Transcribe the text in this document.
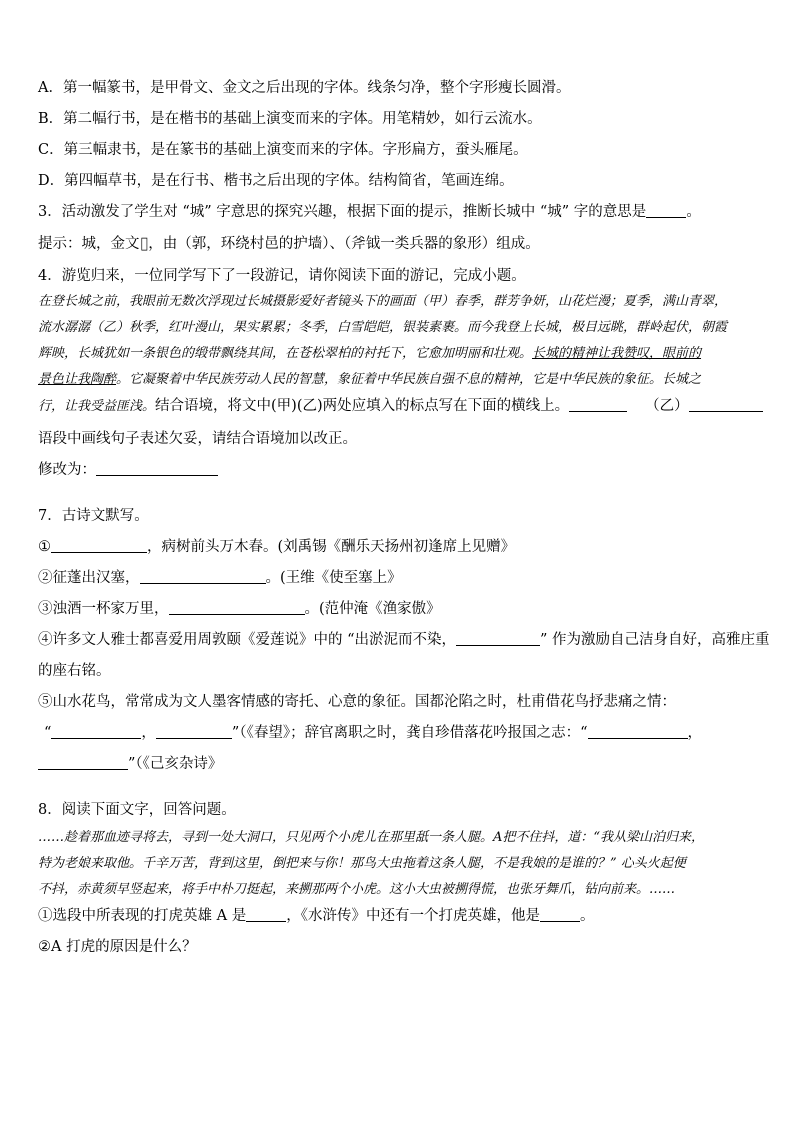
A．第一幅篆书，是甲骨文、金文之后出现的字体。线条匀净，整个字形瘦长圆滑。
B．第二幅行书，是在楷书的基础上演变而来的字体。用笔精妙，如行云流水。
C．第三幅隶书，是在篆书的基础上演变而来的字体。字形扁方，蚕头雁尾。
D．第四幅草书，是在行书、楷书之后出现的字体。结构简省，笔画连绵。
3．活动激发了学生对 “城” 字意思的探究兴趣，根据下面的提示，推断长城中 “城” 字的意思是	。
提示：城，金文𨛜，由（郭，环绕村邑的护墙）、（斧钺一类兵器的象形）组成。
4．游览归来，一位同学写下了一段游记，请你阅读下面的游记，完成小题。
在登长城之前，我眼前无数次浮现过长城摄影爱好者镜头下的画面（甲）春季，群芳争妍，山花烂漫；夏季，满山青翠，
流水潺潺（乙）秋季，红叶漫山，果实累累；冬季，白雪皑皑，银装素裹。而今我登上长城，极目远眺，群岭起伏，朝霞
辉映，长城犹如一条银色的缎带飘绕其间，在苍松翠柏的衬托下，它愈加明丽和壮观。长城的精神让我赞叹，眼前的
景色让我陶醉。它凝聚着中华民族劳动人民的智慧，象征着中华民族自强不息的精神，它是中华民族的象征。长城之
行，让我受益匪浅。结合语境，将文中(甲)(乙)两处应填入的标点写在下面的横线上。	（乙）
语段中画线句子表述欠妥，请结合语境加以改正。
修改为：
7．古诗文默写。
①	，病树前头万木春。(刘禹锡《酬乐天扬州初逢席上见赠》
②征蓬出汉塞，	。(王维《使至塞上》
③浊酒一杯家万里，	。(范仲淹《渔家傲》
④许多文人雅士都喜爱用周敦颐《爱莲说》中的 “出淤泥而不染，	” 作为激励自己洁身自好，高雅庄重
的座右铭。
⑤山水花鸟，常常成为文人墨客情感的寄托、心意的象征。国都沦陷之时，杜甫借花鸟抒悲痛之情：
“	，	”（《春望》；辞官离职之时，龚自珍借落花吟报国之志：“	，
”（《己亥杂诗》
8．阅读下面文字，回答问题。
……趁着那血迹寻将去，寻到一处大洞口，只见两个小虎儿在那里舐一条人腿。A把不住抖，道：“我从梁山泊归来，
特为老娘来取他。千辛万苦，背到这里，倒把来与你！那鸟大虫拖着这条人腿，不是我娘的是谁的？” 心头火起便
不抖，赤黄须早竖起来，将手中朴刀挺起，来搠那两个小虎。这小大虫被搠得慌，也张牙舞爪，钻向前来。……
①选段中所表现的打虎英雄 A 是	，《水浒传》中还有一个打虎英雄，他是	。
②A 打虎的原因是什么？
